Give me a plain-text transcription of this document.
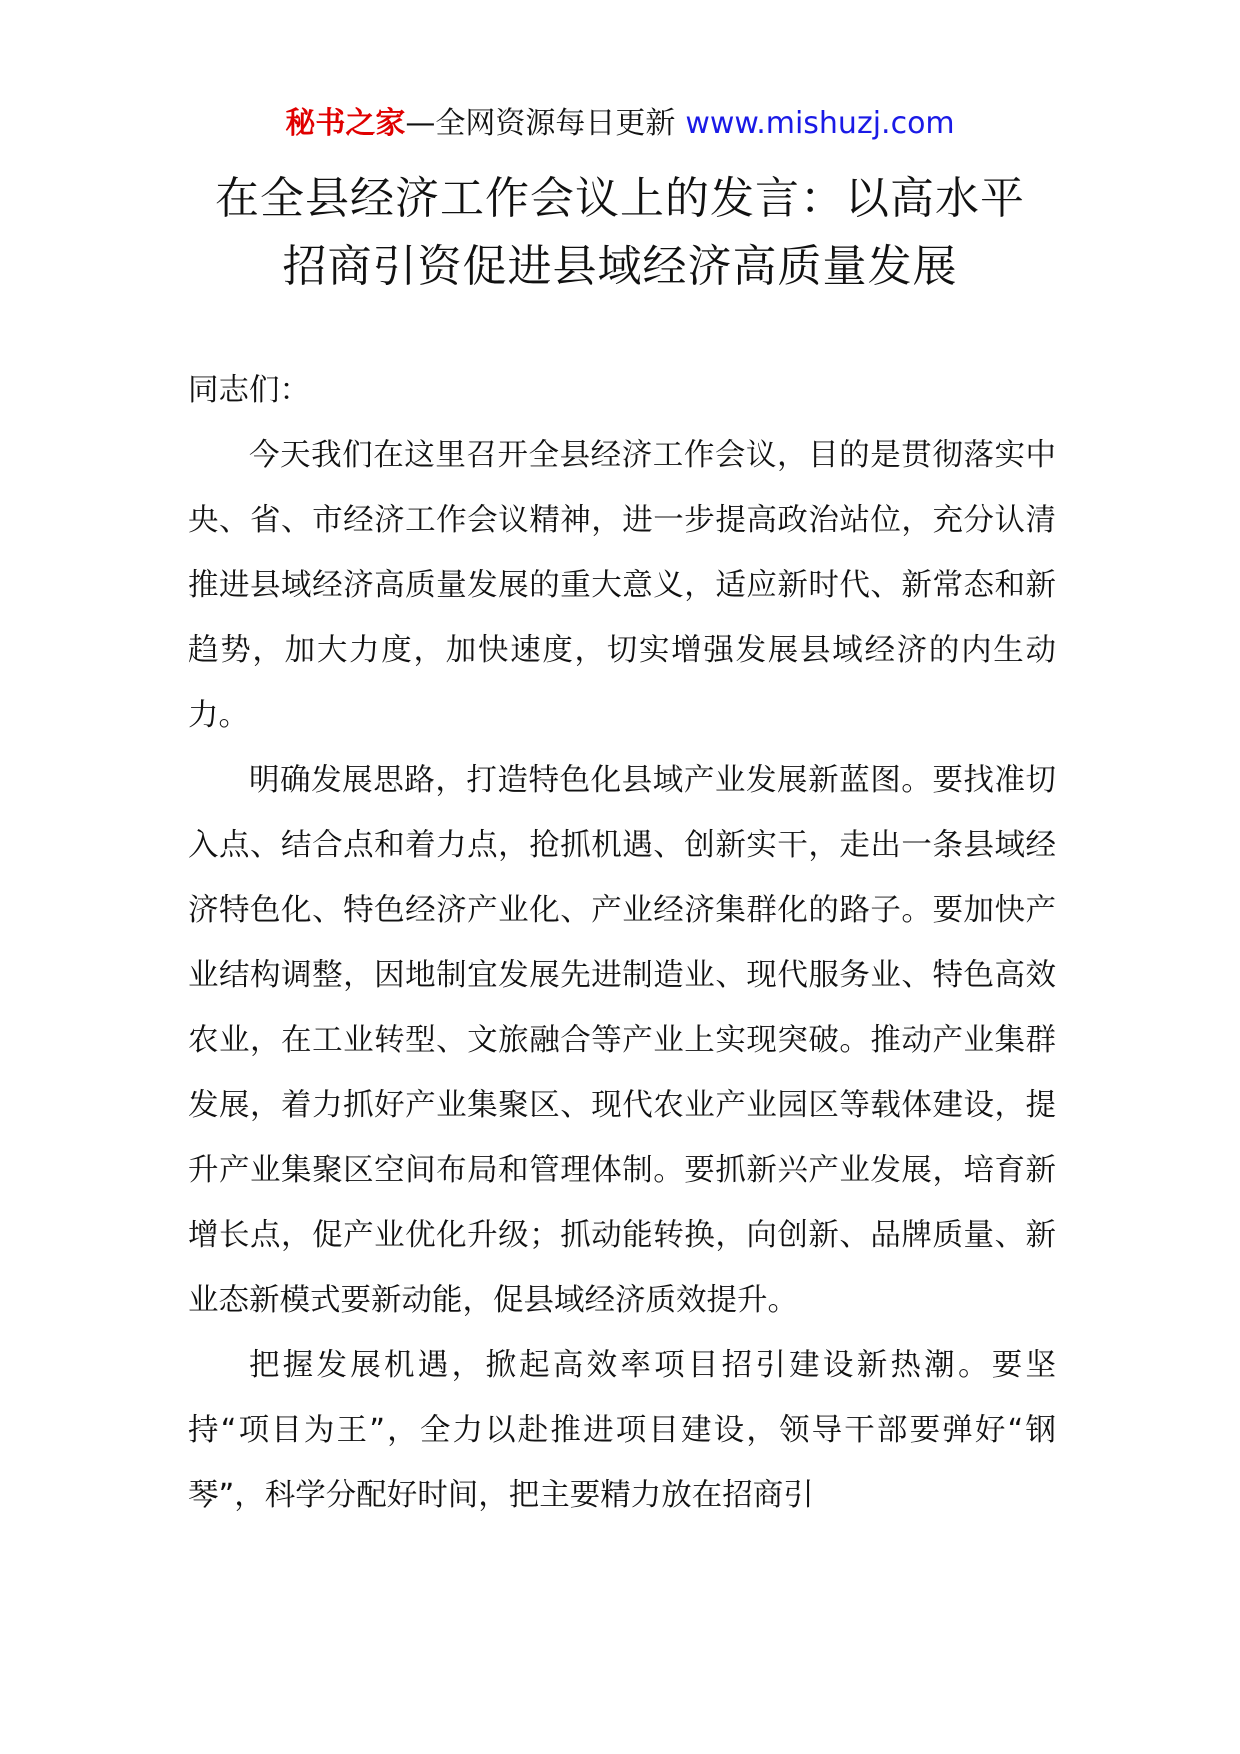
秘书之家—全网资源每日更新 www.mishuzj.com
在全县经济工作会议上的发言：以高水平
招商引资促进县域经济高质量发展

同志们：

今天我们在这里召开全县经济工作会议，目的是贯彻落实中央、省、市经济工作会议精神，进一步提高政治站位，充分认清推进县域经济高质量发展的重大意义，适应新时代、新常态和新趋势，加大力度，加快速度，切实增强发展县域经济的内生动力。

明确发展思路，打造特色化县域产业发展新蓝图。要找准切入点、结合点和着力点，抢抓机遇、创新实干，走出一条县域经济特色化、特色经济产业化、产业经济集群化的路子。要加快产业结构调整，因地制宜发展先进制造业、现代服务业、特色高效农业，在工业转型、文旅融合等产业上实现突破。推动产业集群发展，着力抓好产业集聚区、现代农业产业园区等载体建设，提升产业集聚区空间布局和管理体制。要抓新兴产业发展，培育新增长点，促产业优化升级；抓动能转换，向创新、品牌质量、新业态新模式要新动能，促县域经济质效提升。

把握发展机遇，掀起高效率项目招引建设新热潮。要坚持“项目为王”，全力以赴推进项目建设，领导干部要弹好“钢琴”，科学分配好时间，把主要精力放在招商引
